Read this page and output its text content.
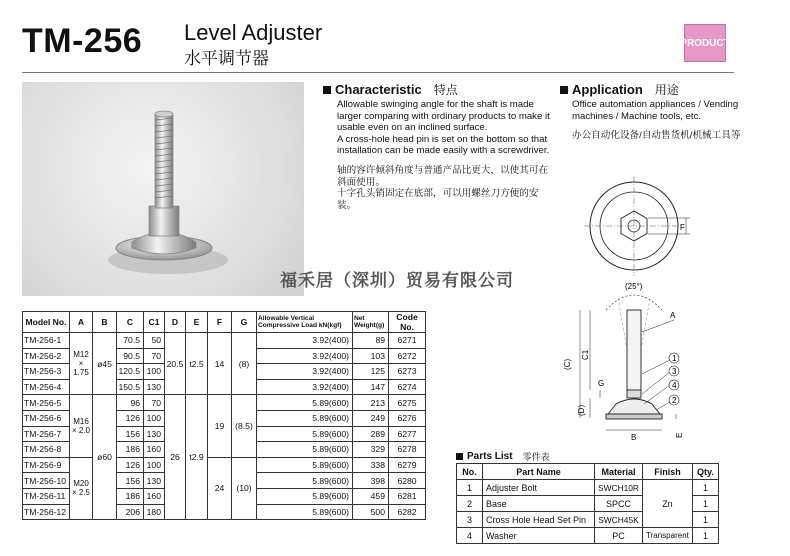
TM-256 Level Adjuster
水平调节器
PRODUCT
Characteristic 特点
Allowable swinging angle for the shaft is made larger comparing with ordinary products to make it usable even on an inclined surface.
A cross-hole head pin is set on the bottom so that installation can be made easily with a screwdriver.
轴的容许倾斜角度与普通产品比更大，以使其可在斜面使用。
十字孔头销固定在底部，可以用螺丝刀方便的安装。
Application 用途
Office automation appliances / Vending machines / Machine tools, etc.
办公自动化设备/自动售货机/机械工具等
F
(25°)
(C)
C1
G
(D)
B	E
A
1
3
4
2
福禾居（深圳）贸易有限公司
Model No.	A	B	C	C1	D	E	F	G	Allowable Vertical Compressive Load kN(kgf)	Net Weight(g)	Code No.
TM-256-1	M12 × 1.75	ø45	70.5	50	20.5	t2.5	14	(8)	3.92(400)	89	6271
TM-256-2			90.5	70					3.92(400)	103	6272
TM-256-3			120.5	100					3.92(400)	125	6273
TM-256-4			150.5	130					3.92(400)	147	6274
TM-256-5	M16 × 2.0	ø60	96	70	26	t2.9	19	(8.5)	5.89(600)	213	6275
TM-256-6			126	100					5.89(600)	249	6276
TM-256-7			156	130					5.89(600)	289	6277
TM-256-8			186	160					5.89(600)	329	6278
TM-256-9	M20 × 2.5		126	100			24	(10)	5.89(600)	338	6279
TM-256-10			156	130					5.89(600)	398	6280
TM-256-11			186	160					5.89(600)	459	6281
TM-256-12			206	180					5.89(600)	500	6282
Parts List 零件表
No.	Part Name	Material	Finish	Qty.
1	Adjuster Bolt	SWCH10R	Zn	1
2	Base	SPCC		1
3	Cross Hole Head Set Pin	SWCH45K		1
4	Washer	PC	Transparent	1
